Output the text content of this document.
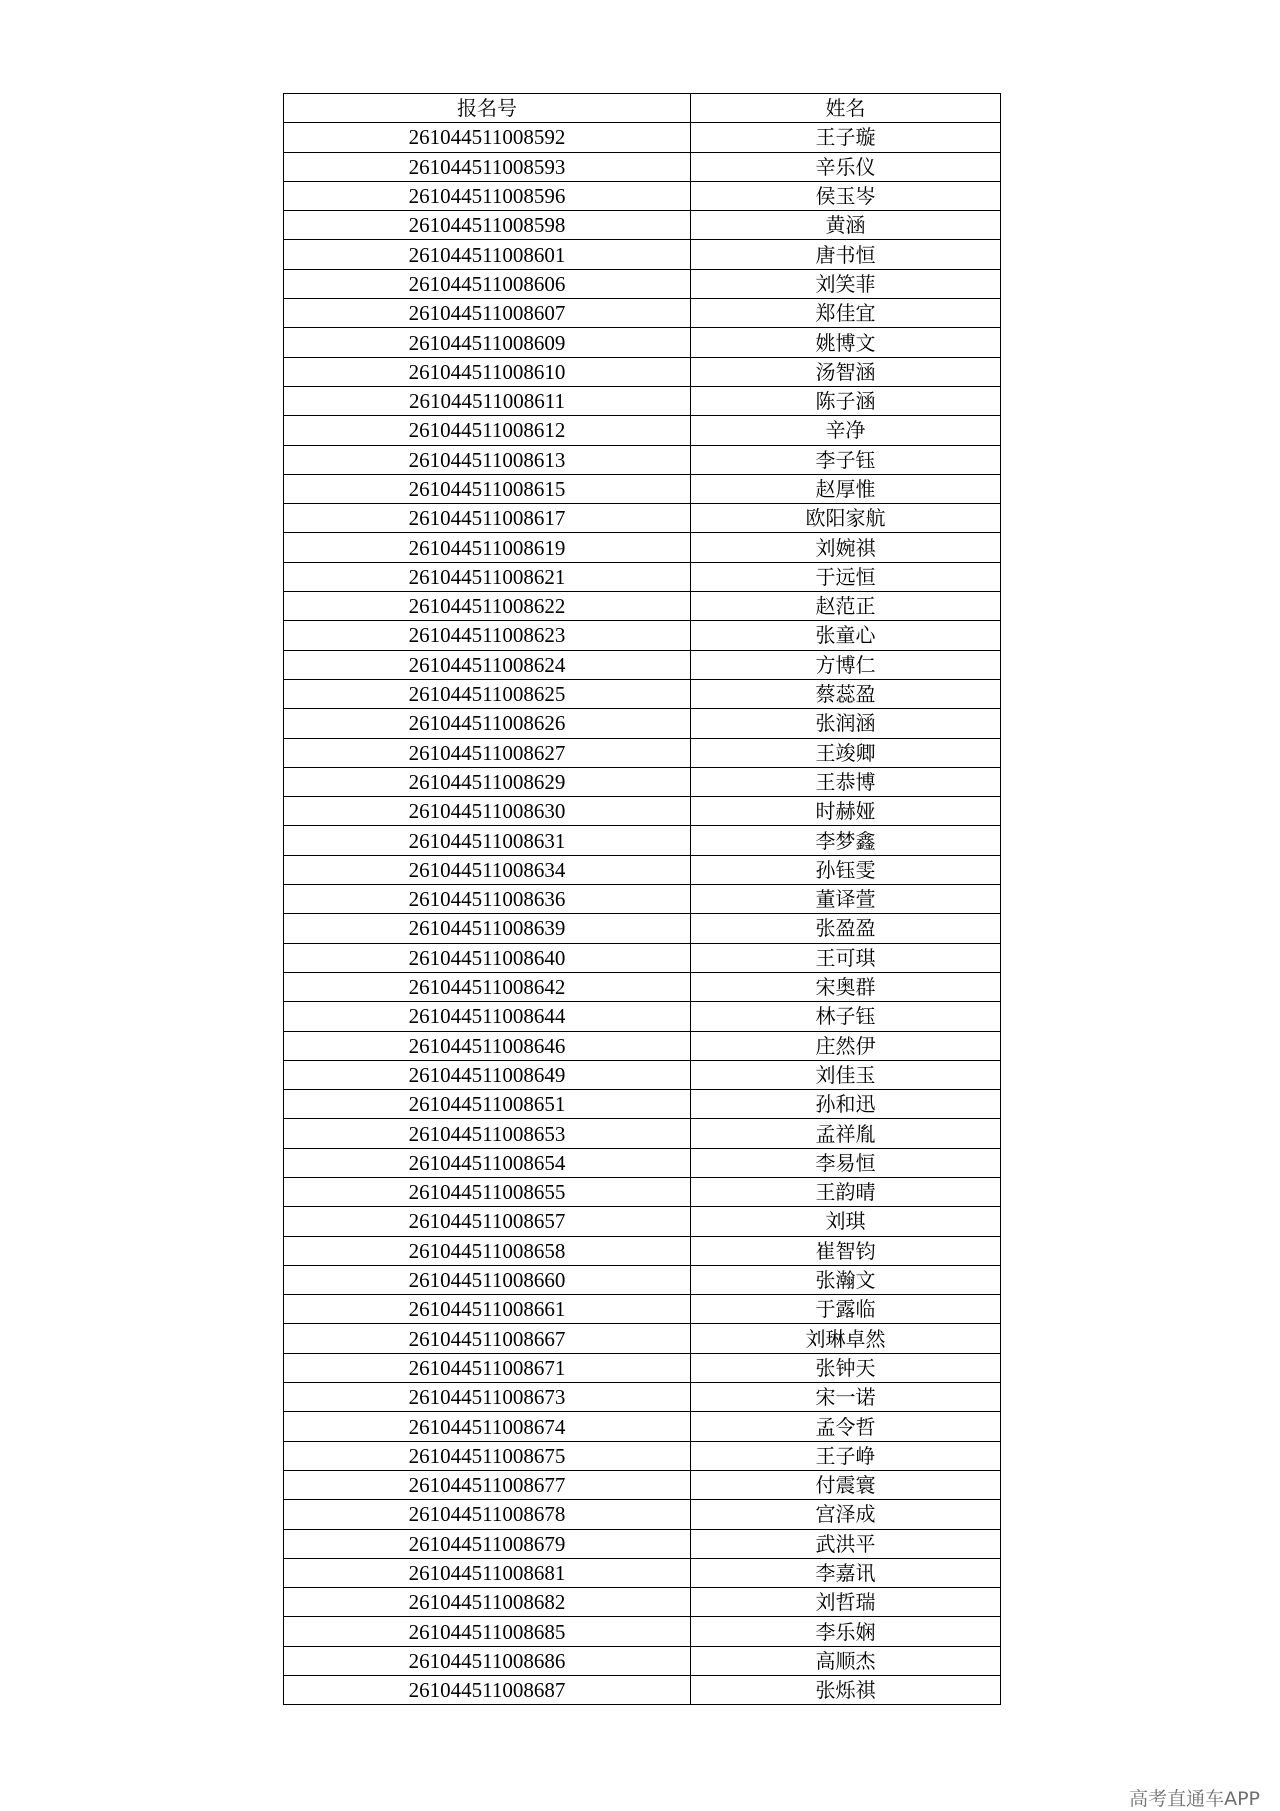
报名号	姓名
261044511008592	王子璇
261044511008593	辛乐仪
261044511008596	侯玉岑
261044511008598	黄涵
261044511008601	唐书恒
261044511008606	刘笑菲
261044511008607	郑佳宜
261044511008609	姚博文
261044511008610	汤智涵
261044511008611	陈子涵
261044511008612	辛净
261044511008613	李子钰
261044511008615	赵厚惟
261044511008617	欧阳家航
261044511008619	刘婉祺
261044511008621	于远恒
261044511008622	赵范正
261044511008623	张童心
261044511008624	方博仁
261044511008625	蔡蕊盈
261044511008626	张润涵
261044511008627	王竣卿
261044511008629	王恭博
261044511008630	时赫娅
261044511008631	李梦鑫
261044511008634	孙钰雯
261044511008636	董译萱
261044511008639	张盈盈
261044511008640	王可琪
261044511008642	宋奥群
261044511008644	林子钰
261044511008646	庄然伊
261044511008649	刘佳玉
261044511008651	孙和迅
261044511008653	孟祥胤
261044511008654	李易恒
261044511008655	王韵晴
261044511008657	刘琪
261044511008658	崔智钧
261044511008660	张瀚文
261044511008661	于露临
261044511008667	刘琳卓然
261044511008671	张钟天
261044511008673	宋一诺
261044511008674	孟令哲
261044511008675	王子峥
261044511008677	付震寰
261044511008678	宫泽成
261044511008679	武洪平
261044511008681	李嘉讯
261044511008682	刘哲瑞
261044511008685	李乐娴
261044511008686	高顺杰
261044511008687	张烁祺
高考直通车APP
